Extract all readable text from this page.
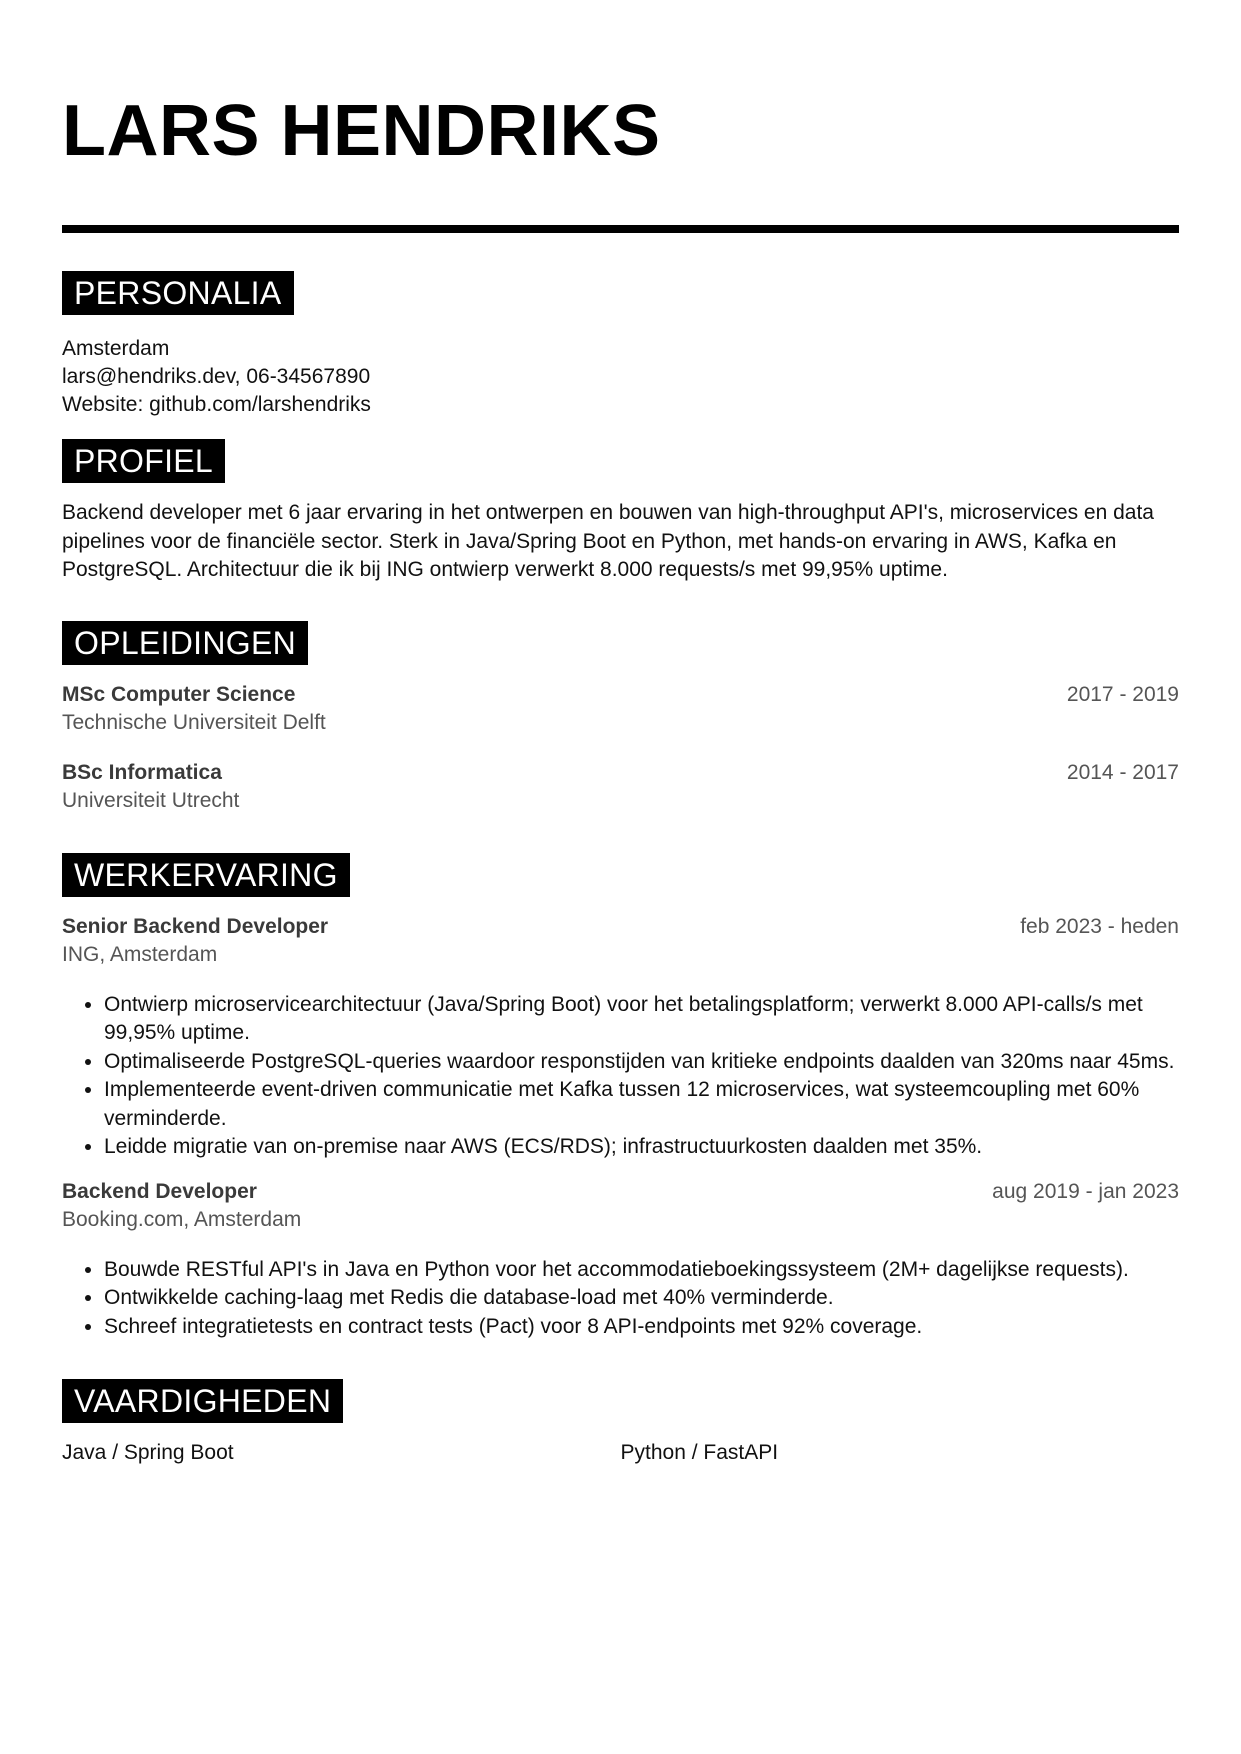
LARS HENDRIKS
PERSONALIA
Amsterdam
lars@hendriks.dev, 06-34567890
Website: github.com/larshendriks
PROFIEL

Backend developer met 6 jaar ervaring in het ontwerpen en bouwen van high-throughput API's, microservices en data pipelines voor de financiële sector. Sterk in Java/Spring Boot en Python, met hands-on ervaring in AWS, Kafka en PostgreSQL. Architectuur die ik bij ING ontwierp verwerkt 8.000 requests/s met 99,95% uptime.

OPLEIDINGEN
MSc Computer Science	2017 - 2019
Technische Universiteit Delft
BSc Informatica	2014 - 2017
Universiteit Utrecht
WERKERVARING
Senior Backend Developer	feb 2023 - heden
ING, Amsterdam
• Ontwierp microservicearchitectuur (Java/Spring Boot) voor het betalingsplatform; verwerkt 8.000 API-calls/s met 99,95% uptime.
• Optimaliseerde PostgreSQL-queries waardoor responstijden van kritieke endpoints daalden van 320ms naar 45ms.
• Implementeerde event-driven communicatie met Kafka tussen 12 microservices, wat systeemcoupling met 60% verminderde.
• Leidde migratie van on-premise naar AWS (ECS/RDS); infrastructuurkosten daalden met 35%.
Backend Developer	aug 2019 - jan 2023
Booking.com, Amsterdam
• Bouwde RESTful API's in Java en Python voor het accommodatieboekingssysteem (2M+ dagelijkse requests).
• Ontwikkelde caching-laag met Redis die database-load met 40% verminderde.
• Schreef integratietests en contract tests (Pact) voor 8 API-endpoints met 92% coverage.
VAARDIGHEDEN
Java / Spring Boot	Python / FastAPI
